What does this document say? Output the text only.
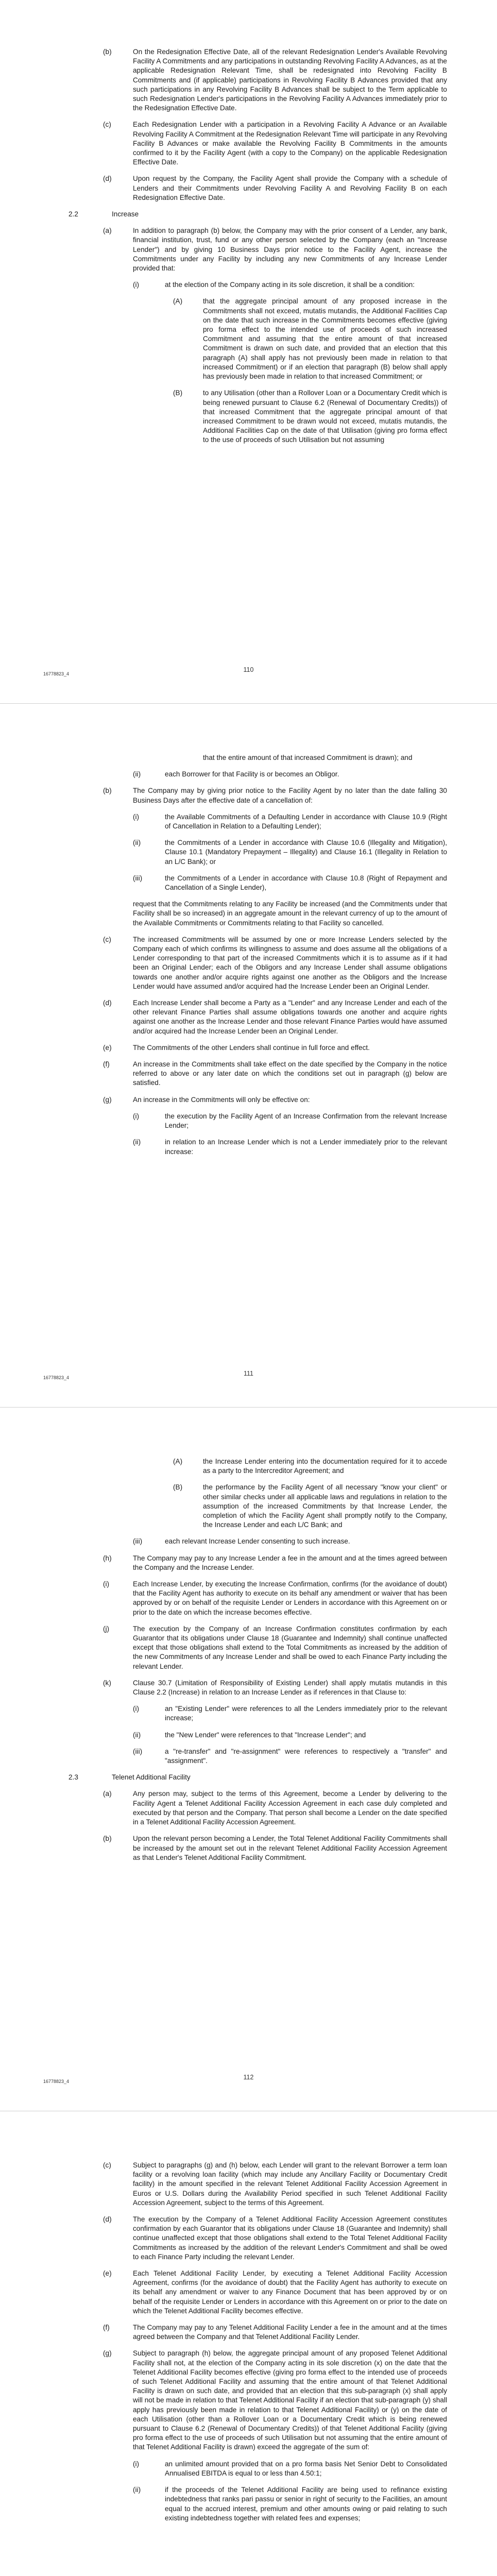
(b)	On the Redesignation Effective Date, all of the relevant Redesignation Lender's Available Revolving Facility A Commitments and any participations in outstanding Revolving Facility A Advances, as at the applicable Redesignation Relevant Time, shall be redesignated into Revolving Facility B Commitments and (if applicable) participations in Revolving Facility B Advances provided that any such participations in any Revolving Facility B Advances shall be subject to the Term applicable to such Redesignation Lender's participations in the Revolving Facility A Advances immediately prior to the Redesignation Effective Date.
(c)	Each Redesignation Lender with a participation in a Revolving Facility A Advance or an Available Revolving Facility A Commitment at the Redesignation Relevant Time will participate in any Revolving Facility B Advances or make available the Revolving Facility B Commitments in the amounts confirmed to it by the Facility Agent (with a copy to the Company) on the applicable Redesignation Effective Date.
(d)	Upon request by the Company, the Facility Agent shall provide the Company with a schedule of Lenders and their Commitments under Revolving Facility A and Revolving Facility B on each Redesignation Effective Date.
2.2	Increase
(a)	In addition to paragraph (b) below, the Company may with the prior consent of a Lender, any bank, financial institution, trust, fund or any other person selected by the Company (each an "Increase Lender") and by giving 10 Business Days prior notice to the Facility Agent, increase the Commitments under any Facility by including any new Commitments of any Increase Lender provided that:
(i)	at the election of the Company acting in its sole discretion, it shall be a condition:
(A)	that the aggregate principal amount of any proposed increase in the Commitments shall not exceed, mutatis mutandis, the Additional Facilities Cap on the date that such increase in the Commitments becomes effective (giving pro forma effect to the intended use of proceeds of such increased Commitment and assuming that the entire amount of that increased Commitment is drawn on such date, and provided that an election that this paragraph (A) shall apply has not previously been made in relation to that increased Commitment) or if an election that paragraph (B) below shall apply has previously been made in relation to that increased Commitment; or
(B)	to any Utilisation (other than a Rollover Loan or a Documentary Credit which is being renewed pursuant to Clause 6.2 (Renewal of Documentary Credits)) of that increased Commitment that the aggregate principal amount of that increased Commitment to be drawn would not exceed, mutatis mutandis, the Additional Facilities Cap on the date of that Utilisation (giving pro forma effect to the use of proceeds of such Utilisation but not assuming
16778823_4
110
that the entire amount of that increased Commitment is drawn); and
(ii)	each Borrower for that Facility is or becomes an Obligor.
(b)	The Company may by giving prior notice to the Facility Agent by no later than the date falling 30 Business Days after the effective date of a cancellation of:
(i)	the Available Commitments of a Defaulting Lender in accordance with Clause 10.9 (Right of Cancellation in Relation to a Defaulting Lender);
(ii)	the Commitments of a Lender in accordance with Clause 10.6 (Illegality and Mitigation), Clause 10.1 (Mandatory Prepayment – Illegality) and Clause 16.1 (Illegality in Relation to an L/C Bank); or
(iii)	the Commitments of a Lender in accordance with Clause 10.8 (Right of Repayment and Cancellation of a Single Lender),
request that the Commitments relating to any Facility be increased (and the Commitments under that Facility shall be so increased) in an aggregate amount in the relevant currency of up to the amount of the Available Commitments or Commitments relating to that Facility so cancelled.
(c)	The increased Commitments will be assumed by one or more Increase Lenders selected by the Company each of which confirms its willingness to assume and does assume all the obligations of a Lender corresponding to that part of the increased Commitments which it is to assume as if it had been an Original Lender; each of the Obligors and any Increase Lender shall assume obligations towards one another and/or acquire rights against one another as the Obligors and the Increase Lender would have assumed and/or acquired had the Increase Lender been an Original Lender.
(d)	Each Increase Lender shall become a Party as a "Lender" and any Increase Lender and each of the other relevant Finance Parties shall assume obligations towards one another and acquire rights against one another as the Increase Lender and those relevant Finance Parties would have assumed and/or acquired had the Increase Lender been an Original Lender.
(e)	The Commitments of the other Lenders shall continue in full force and effect.
(f)	An increase in the Commitments shall take effect on the date specified by the Company in the notice referred to above or any later date on which the conditions set out in paragraph (g) below are satisfied.
(g)	An increase in the Commitments will only be effective on:
(i)	the execution by the Facility Agent of an Increase Confirmation from the relevant Increase Lender;
(ii)	in relation to an Increase Lender which is not a Lender immediately prior to the relevant increase:
16778823_4
111
(A)	the Increase Lender entering into the documentation required for it to accede as a party to the Intercreditor Agreement; and
(B)	the performance by the Facility Agent of all necessary "know your client" or other similar checks under all applicable laws and regulations in relation to the assumption of the increased Commitments by that Increase Lender, the completion of which the Facility Agent shall promptly notify to the Company, the Increase Lender and each L/C Bank; and
(iii)	each relevant Increase Lender consenting to such increase.
(h)	The Company may pay to any Increase Lender a fee in the amount and at the times agreed between the Company and the Increase Lender.
(i)	Each Increase Lender, by executing the Increase Confirmation, confirms (for the avoidance of doubt) that the Facility Agent has authority to execute on its behalf any amendment or waiver that has been approved by or on behalf of the requisite Lender or Lenders in accordance with this Agreement on or prior to the date on which the increase becomes effective.
(j)	The execution by the Company of an Increase Confirmation constitutes confirmation by each Guarantor that its obligations under Clause 18 (Guarantee and Indemnity) shall continue unaffected except that those obligations shall extend to the Total Commitments as increased by the addition of the new Commitments of any Increase Lender and shall be owed to each Finance Party including the relevant Lender.
(k)	Clause 30.7 (Limitation of Responsibility of Existing Lender) shall apply mutatis mutandis in this Clause 2.2 (Increase) in relation to an Increase Lender as if references in that Clause to:
(i)	an "Existing Lender" were references to all the Lenders immediately prior to the relevant increase;
(ii)	the "New Lender" were references to that "Increase Lender"; and
(iii)	a "re-transfer" and "re-assignment" were references to respectively a "transfer" and "assignment".
2.3	Telenet Additional Facility
(a)	Any person may, subject to the terms of this Agreement, become a Lender by delivering to the Facility Agent a Telenet Additional Facility Accession Agreement in each case duly completed and executed by that person and the Company. That person shall become a Lender on the date specified in a Telenet Additional Facility Accession Agreement.
(b)	Upon the relevant person becoming a Lender, the Total Telenet Additional Facility Commitments shall be increased by the amount set out in the relevant Telenet Additional Facility Accession Agreement as that Lender's Telenet Additional Facility Commitment.
16778823_4
112
(c)	Subject to paragraphs (g) and (h) below, each Lender will grant to the relevant Borrower a term loan facility or a revolving loan facility (which may include any Ancillary Facility or Documentary Credit facility) in the amount specified in the relevant Telenet Additional Facility Accession Agreement in Euros or U.S. Dollars during the Availability Period specified in such Telenet Additional Facility Accession Agreement, subject to the terms of this Agreement.
(d)	The execution by the Company of a Telenet Additional Facility Accession Agreement constitutes confirmation by each Guarantor that its obligations under Clause 18 (Guarantee and Indemnity) shall continue unaffected except that those obligations shall extend to the Total Telenet Additional Facility Commitments as increased by the addition of the relevant Lender's Commitment and shall be owed to each Finance Party including the relevant Lender.
(e)	Each Telenet Additional Facility Lender, by executing a Telenet Additional Facility Accession Agreement, confirms (for the avoidance of doubt) that the Facility Agent has authority to execute on its behalf any amendment or waiver to any Finance Document that has been approved by or on behalf of the requisite Lender or Lenders in accordance with this Agreement on or prior to the date on which the Telenet Additional Facility becomes effective.
(f)	The Company may pay to any Telenet Additional Facility Lender a fee in the amount and at the times agreed between the Company and that Telenet Additional Facility Lender.
(g)	Subject to paragraph (h) below, the aggregate principal amount of any proposed Telenet Additional Facility shall not, at the election of the Company acting in its sole discretion (x) on the date that the Telenet Additional Facility becomes effective (giving pro forma effect to the intended use of proceeds of such Telenet Additional Facility and assuming that the entire amount of that Telenet Additional Facility is drawn on such date, and provided that an election that this sub-paragraph (x) shall apply will not be made in relation to that Telenet Additional Facility if an election that sub-paragraph (y) shall apply has previously been made in relation to that Telenet Additional Facility) or (y) on the date of each Utilisation (other than a Rollover Loan or a Documentary Credit which is being renewed pursuant to Clause 6.2 (Renewal of Documentary Credits)) of that Telenet Additional Facility (giving pro forma effect to the use of proceeds of such Utilisation but not assuming that the entire amount of that Telenet Additional Facility is drawn) exceed the aggregate of the sum of:
(i)	an unlimited amount provided that on a pro forma basis Net Senior Debt to Consolidated Annualised EBITDA is equal to or less than 4.50:1;
(ii)	if the proceeds of the Telenet Additional Facility are being used to refinance existing indebtedness that ranks pari passu or senior in right of security to the Facilities, an amount equal to the accrued interest, premium and other amounts owing or paid relating to such existing indebtedness together with related fees and expenses;
